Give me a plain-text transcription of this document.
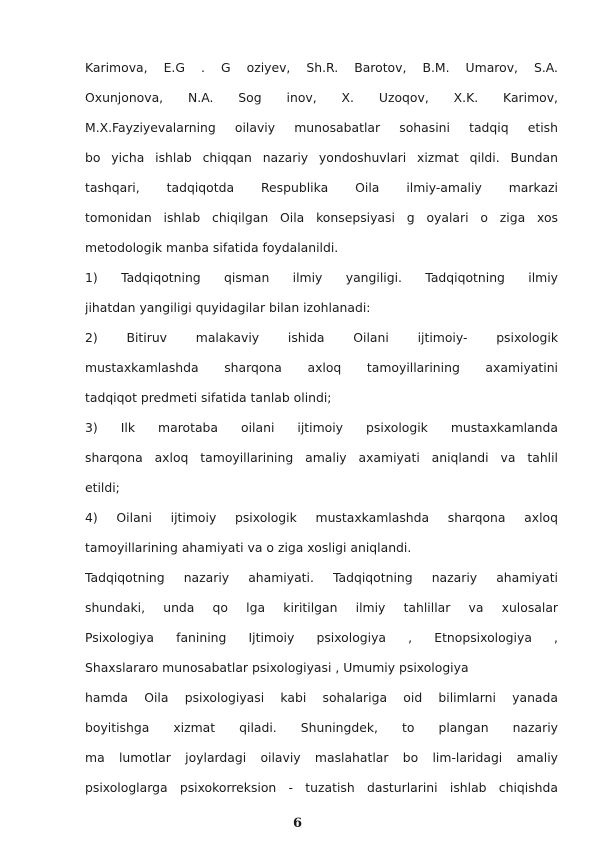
Karimova, E.G . G oziyev, Sh.R. Barotov, B.M. Umarov, S.A.
Oxunjonova, N.A. Sog inov, X. Uzoqov, X.K. Karimov,
M.X.Fayziyevalarning oilaviy munosabatlar sohasini tadqiq etish
bo yicha ishlab chiqqan nazariy yondoshuvlari xizmat qildi. Bundan
tashqari, tadqiqotda Respublika Oila ilmiy-amaliy markazi
tomonidan ishlab chiqilgan Oila konsepsiyasi g oyalari o ziga xos
metodologik manba sifatida foydalanildi.
1) Tadqiqotning qisman ilmiy yangiligi. Tadqiqotning ilmiy
jihatdan yangiligi quyidagilar bilan izohlanadi:
2) Bitiruv malakaviy ishida Oilani ijtimoiy- psixologik
mustaxkamlashda sharqona axloq tamoyillarining axamiyatini
tadqiqot predmeti sifatida tanlab olindi;
3) Ilk marotaba oilani ijtimoiy psixologik mustaxkamlanda
sharqona axloq tamoyillarining amaliy axamiyati aniqlandi va tahlil
etildi;
4) Oilani ijtimoiy psixologik mustaxkamlashda sharqona axloq
tamoyillarining ahamiyati va o ziga xosligi aniqlandi.
Tadqiqotning nazariy ahamiyati. Tadqiqotning nazariy ahamiyati
shundaki, unda qo lga kiritilgan ilmiy tahlillar va xulosalar
Psixologiya fanining Ijtimoiy psixologiya , Etnopsixologiya ,
Shaxslararo munosabatlar psixologiyasi , Umumiy psixologiya
hamda Oila psixologiyasi kabi sohalariga oid bilimlarni yanada
boyitishga xizmat qiladi. Shuningdek, to plangan nazariy
ma lumotlar joylardagi oilaviy maslahatlar bo lim-laridagi amaliy
psixologlarga psixokorreksion - tuzatish dasturlarini ishlab chiqishda
6
